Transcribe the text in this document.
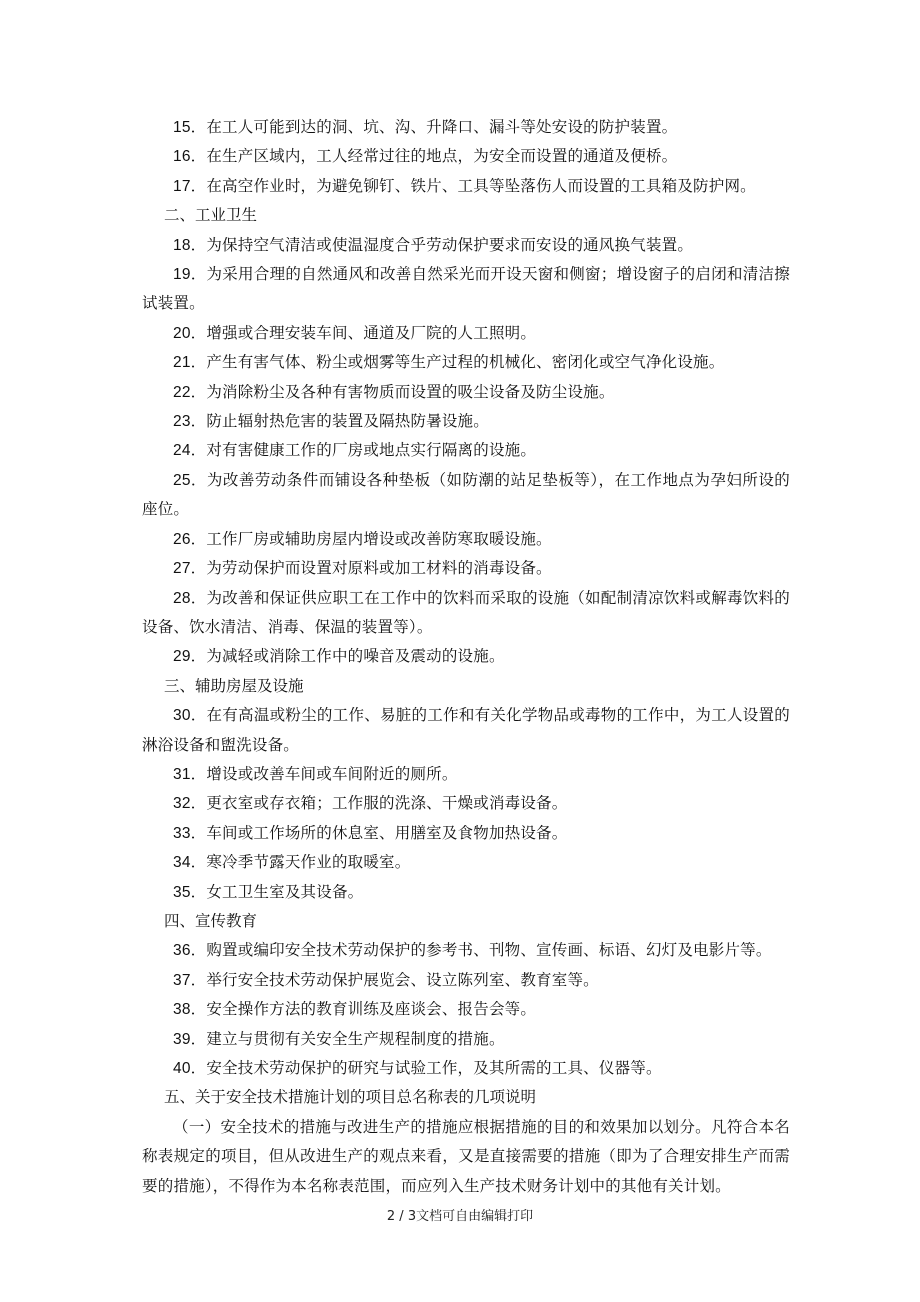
15．在工人可能到达的洞、坑、沟、升降口、漏斗等处安设的防护装置。

16．在生产区域内，工人经常过往的地点，为安全而设置的通道及便桥。

17．在高空作业时，为避免铆钉、铁片、工具等坠落伤人而设置的工具箱及防护网。

二、工业卫生

18．为保持空气清洁或使温湿度合乎劳动保护要求而安设的通风换气装置。

19．为采用合理的自然通风和改善自然采光而开设天窗和侧窗；增设窗子的启闭和清洁擦试装置。

20．增强或合理安装车间、通道及厂院的人工照明。

21．产生有害气体、粉尘或烟雾等生产过程的机械化、密闭化或空气净化设施。

22．为消除粉尘及各种有害物质而设置的吸尘设备及防尘设施。

23．防止辐射热危害的装置及隔热防暑设施。

24．对有害健康工作的厂房或地点实行隔离的设施。

25．为改善劳动条件而铺设各种垫板（如防潮的站足垫板等），在工作地点为孕妇所设的座位。

26．工作厂房或辅助房屋内增设或改善防寒取暖设施。

27．为劳动保护而设置对原料或加工材料的消毒设备。

28．为改善和保证供应职工在工作中的饮料而采取的设施（如配制清凉饮料或解毒饮料的设备、饮水清洁、消毒、保温的装置等）。

29．为减轻或消除工作中的噪音及震动的设施。

三、辅助房屋及设施

30．在有高温或粉尘的工作、易脏的工作和有关化学物品或毒物的工作中，为工人设置的淋浴设备和盥洗设备。

31．增设或改善车间或车间附近的厕所。

32．更衣室或存衣箱；工作服的洗涤、干燥或消毒设备。

33．车间或工作场所的休息室、用膳室及食物加热设备。

34．寒冷季节露天作业的取暖室。

35．女工卫生室及其设备。

四、宣传教育

36．购置或编印安全技术劳动保护的参考书、刊物、宣传画、标语、幻灯及电影片等。

37．举行安全技术劳动保护展览会、设立陈列室、教育室等。

38．安全操作方法的教育训练及座谈会、报告会等。

39．建立与贯彻有关安全生产规程制度的措施。

40．安全技术劳动保护的研究与试验工作，及其所需的工具、仪器等。

五、关于安全技术措施计划的项目总名称表的几项说明

（一）安全技术的措施与改进生产的措施应根据措施的目的和效果加以划分。凡符合本名称表规定的项目，但从改进生产的观点来看，又是直接需要的措施（即为了合理安排生产而需要的措施），不得作为本名称表范围，而应列入生产技术财务计划中的其他有关计划。

2 / 3文档可自由编辑打印
